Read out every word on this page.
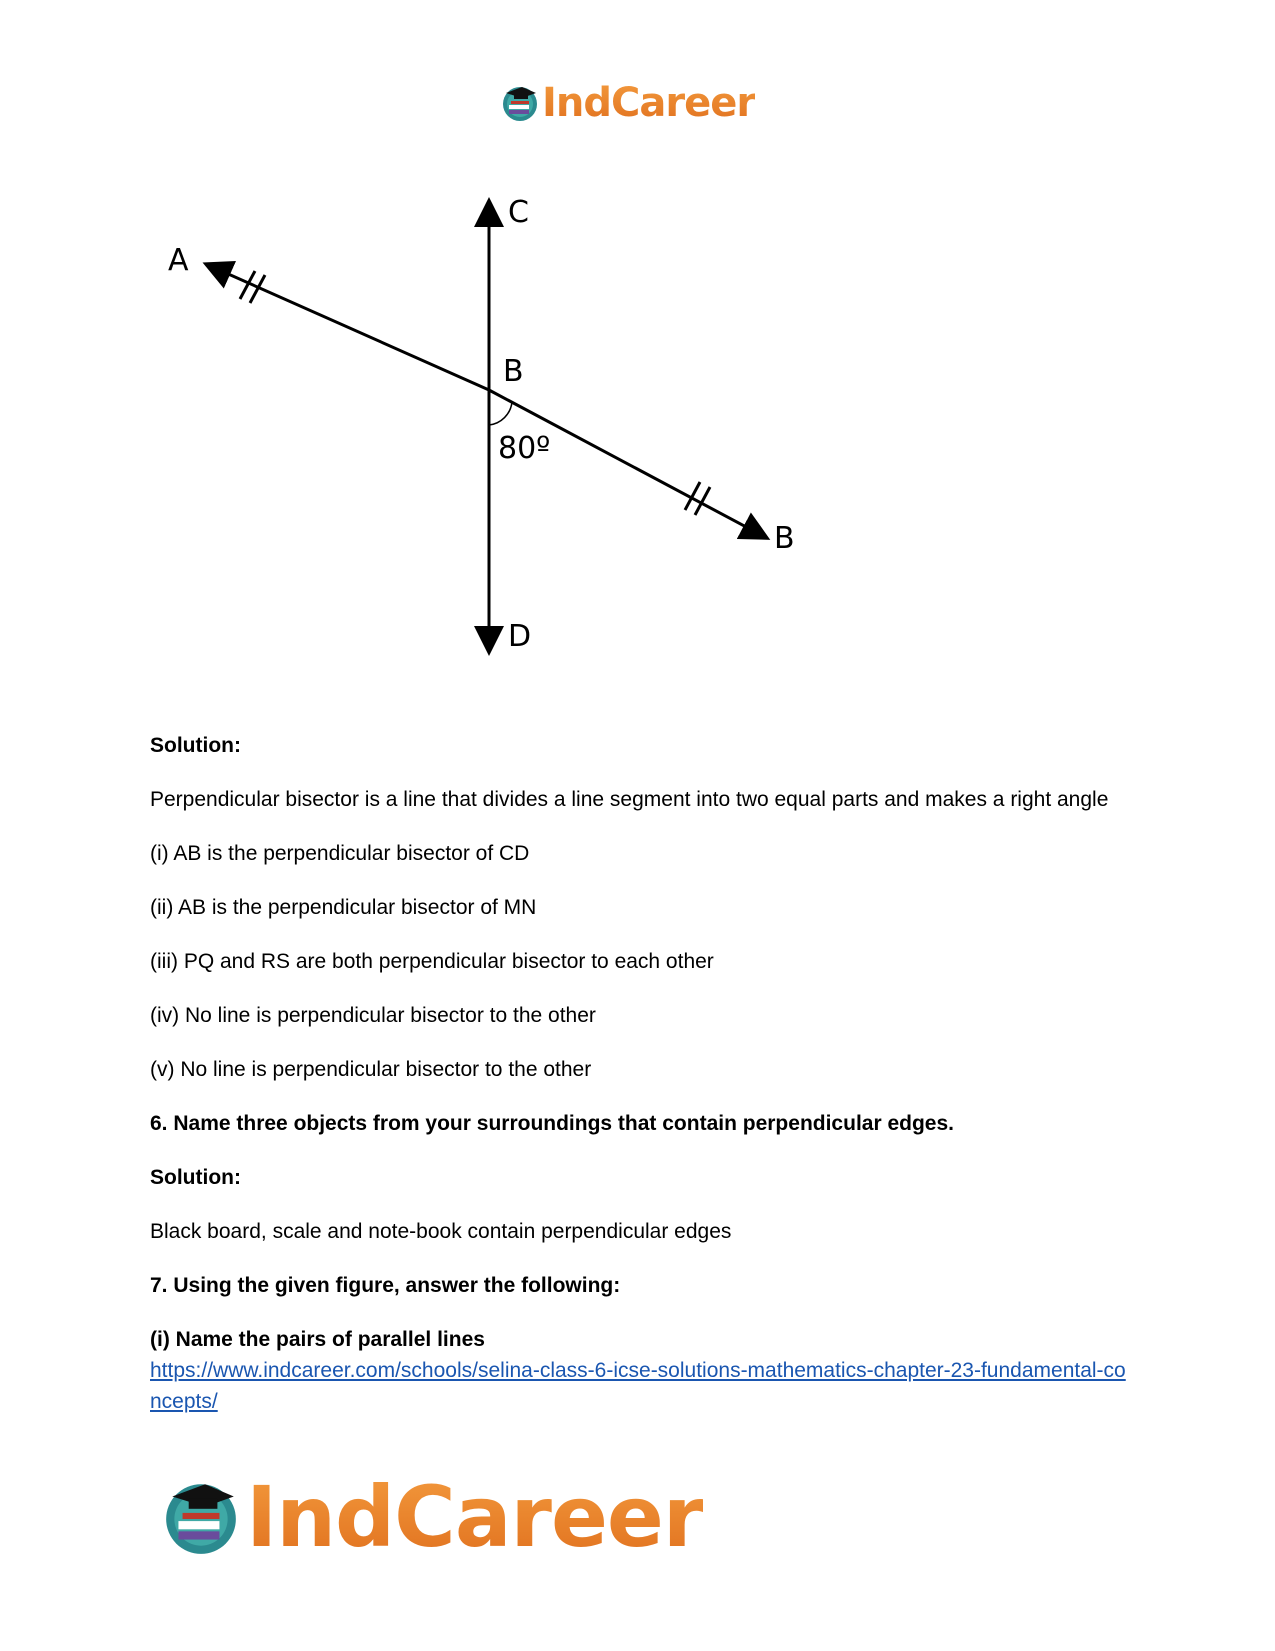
IndCareer
A
C
B
80º
B
D

Solution:

Perpendicular bisector is a line that divides a line segment into two equal parts and makes a right angle

(i) AB is the perpendicular bisector of CD

(ii) AB is the perpendicular bisector of MN

(iii) PQ and RS are both perpendicular bisector to each other

(iv) No line is perpendicular bisector to the other

(v) No line is perpendicular bisector to the other

6. Name three objects from your surroundings that contain perpendicular edges.

Solution:

Black board, scale and note-book contain perpendicular edges

7. Using the given figure, answer the following:

(i) Name the pairs of parallel lines

https://www.indcareer.com/schools/selina-class-6-icse-solutions-mathematics-chapter-23-fundamental-concepts/

IndCareer
